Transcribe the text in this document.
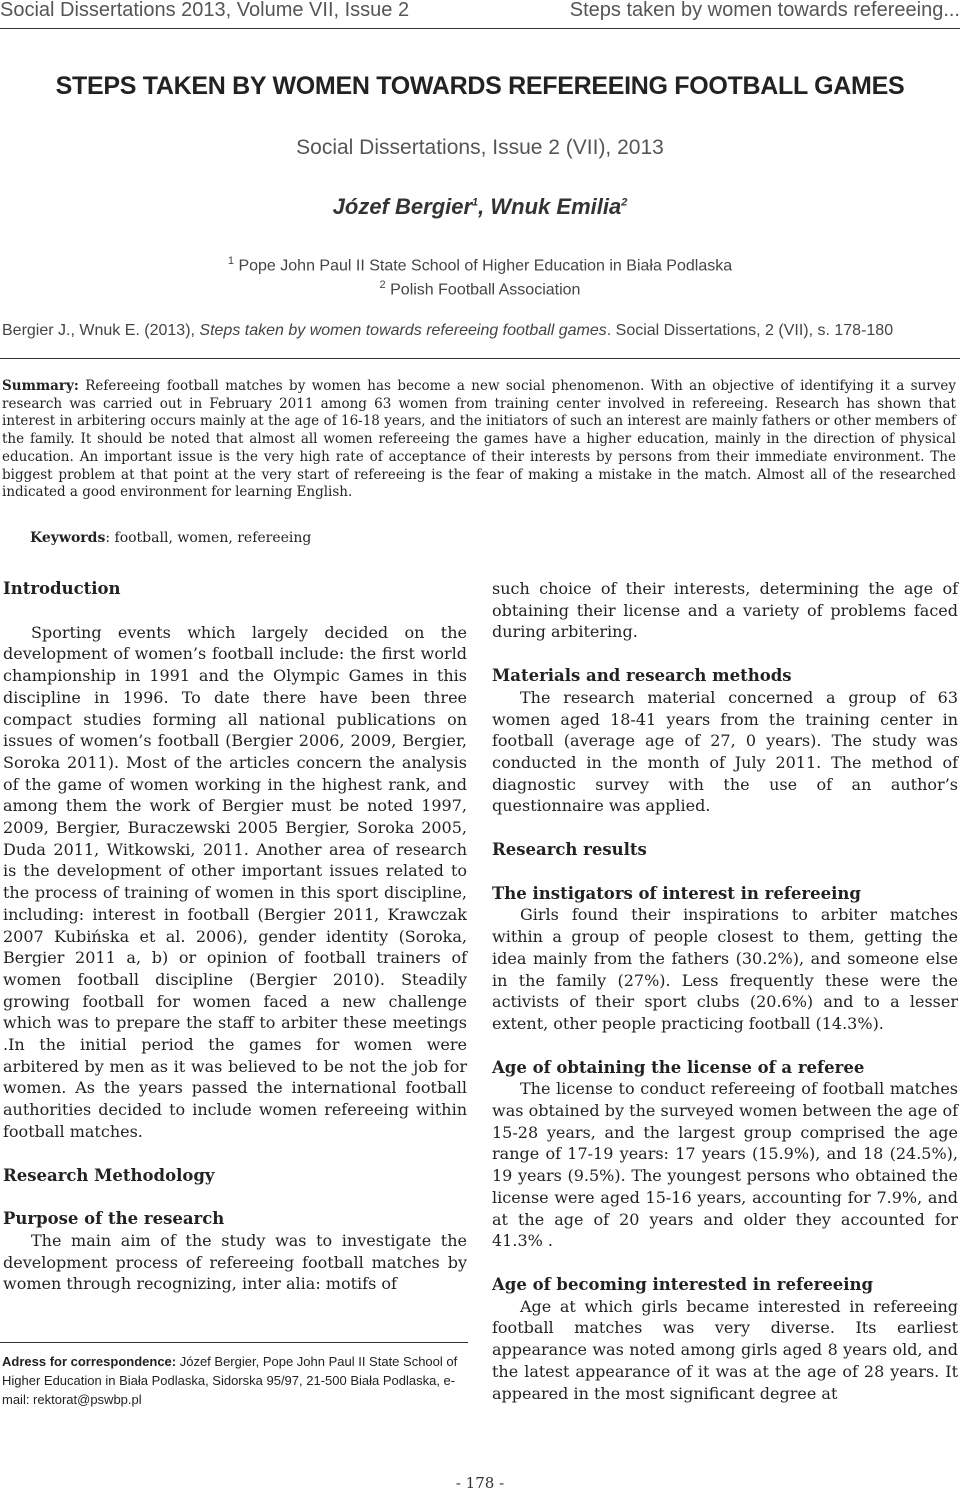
Social Dissertations 2013, Volume VII, Issue 2	Steps taken by women towards refereeing...
STEPS TAKEN BY WOMEN TOWARDS REFEREEING FOOTBALL GAMES
Social Dissertations, Issue 2 (VII), 2013
Józef Bergier$^1$, Wnuk Emilia$^2$
$^1$ Pope John Paul II State School of Higher Education in Biała Podlaska
$^2$ Polish Football Association
Bergier J., Wnuk E. (2013), Steps taken by women towards refereeing football games. Social Dissertations, 2 (VII), s. 178-180
Summary: Refereeing football matches by women has become a new social phenomenon. With an objective of identifying it a survey research was carried out in February 2011 among 63 women from training center involved in refereeing. Research has shown that interest in arbitering occurs mainly at the age of 16-18 years, and the initiators of such an interest are mainly fathers or other members of the family. It should be noted that almost all women refereeing the games have a higher education, mainly in the direction of physical education. An important issue is the very high rate of acceptance of their interests by persons from their immediate environment. The biggest problem at that point at the very start of refereeing is the fear of making a mistake in the match. Almost all of the researched indicated a good environment for learning English.
Keywords: football, women, refereeing

Introduction

Sporting events which largely decided on the development of women’s football include: the first world championship in 1991 and the Olympic Games in this discipline in 1996. To date there have been three compact studies forming all national publications on issues of women’s football (Bergier 2006, 2009, Bergier, Soroka 2011). Most of the articles concern the analysis of the game of women working in the highest rank, and among them the work of Bergier must be noted 1997, 2009, Bergier, Buraczewski 2005 Bergier, Soroka 2005, Duda 2011, Witkowski, 2011. Another area of research is the development of other important issues related to the process of training of women in this sport discipline, including: interest in football (Bergier 2011, Krawczak 2007 Kubińska et al. 2006), gender identity (Soroka, Bergier 2011 a, b) or opinion of football trainers of women football discipline (Bergier 2010). Steadily growing football for women faced a new challenge which was to prepare the staff to arbiter these meetings .In the initial period the games for women were arbitered by men as it was believed to be not the job for women. As the years passed the international football authorities decided to include women refereeing within football matches.

Research Methodology

Purpose of the research

The main aim of the study was to investigate the development process of refereeing football matches by women through recognizing, inter alia: motifs of

such choice of their interests, determining the age of obtaining their license and a variety of problems faced during arbitering.

Materials and research methods

The research material concerned a group of 63 women aged 18-41 years from the training center in football (average age of 27, 0 years). The study was conducted in the month of July 2011. The method of diagnostic survey with the use of an author’s questionnaire was applied.

Research results

The instigators of interest in refereeing

Girls found their inspirations to arbiter matches within a group of people closest to them, getting the idea mainly from the fathers (30.2%), and someone else in the family (27%). Less frequently these were the activists of their sport clubs (20.6%) and to a lesser extent, other people practicing football (14.3%).

Age of obtaining the license of a referee

The license to conduct refereeing of football matches was obtained by the surveyed women between the age of 15-28 years, and the largest group comprised the age range of 17-19 years: 17 years (15.9%), and 18 (24.5%), 19 years (9.5%). The youngest persons who obtained the license were aged 15-16 years, accounting for 7.9%, and at the age of 20 years and older they accounted for 41.3% .

Age of becoming interested in refereeing

Age at which girls became interested in refereeing football matches was very diverse. Its earliest appearance was noted among girls aged 8 years old, and the latest appearance of it was at the age of 28 years. It appeared in the most significant degree at

Adress for correspondence: Józef Bergier, Pope John Paul II State School of Higher Education in Biała Podlaska, Sidorska 95/97, 21-500 Biała Podlaska, e-mail: rektorat@pswbp.pl
- 178 -
